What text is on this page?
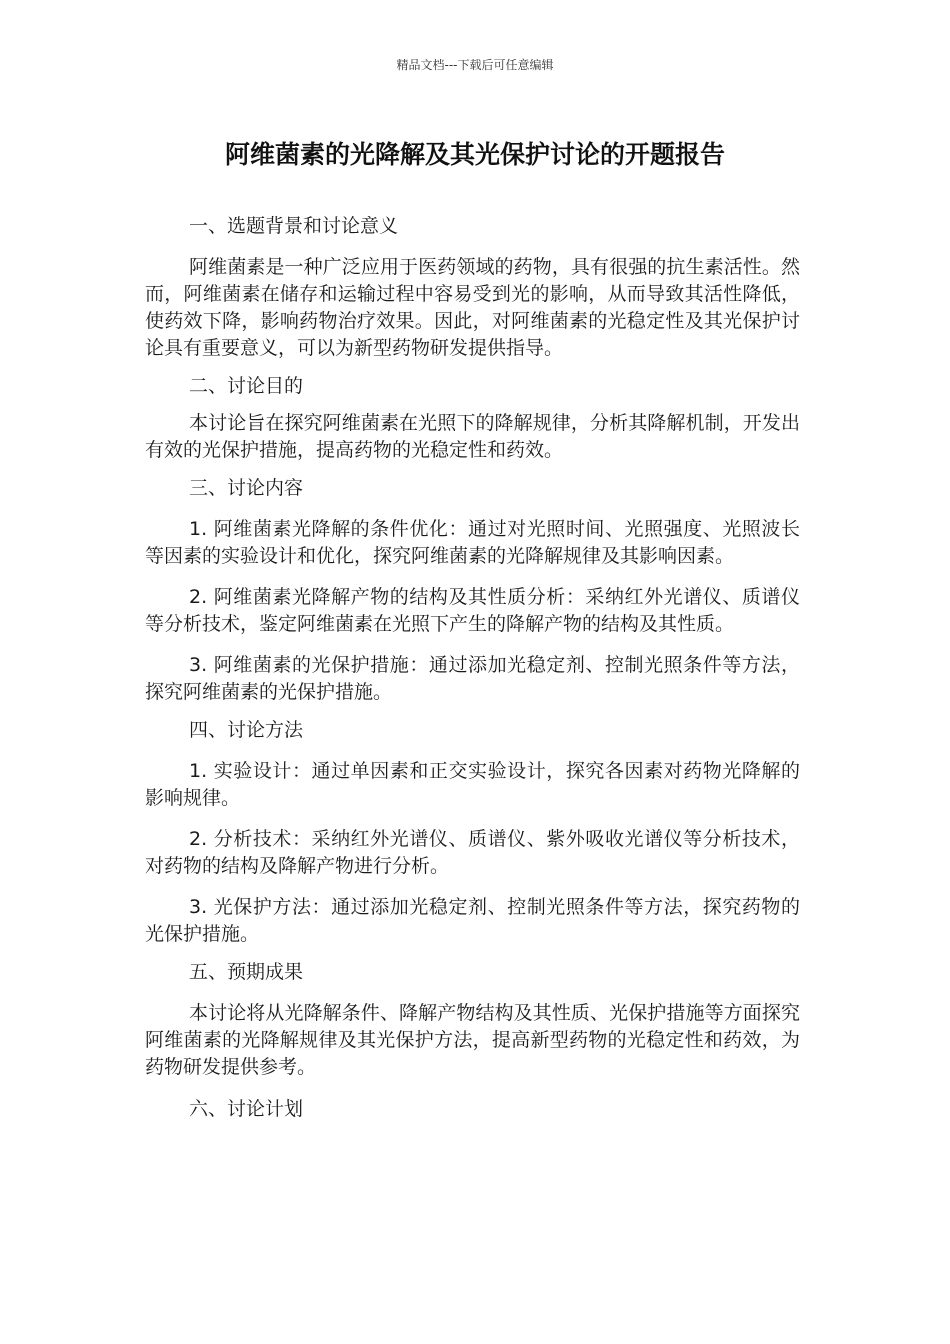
精品文档---下载后可任意编辑
阿维菌素的光降解及其光保护讨论的开题报告

一、选题背景和讨论意义

阿维菌素是一种广泛应用于医药领域的药物，具有很强的抗生素活性。然而，阿维菌素在储存和运输过程中容易受到光的影响，从而导致其活性降低，使药效下降，影响药物治疗效果。因此，对阿维菌素的光稳定性及其光保护讨论具有重要意义，可以为新型药物研发提供指导。

二、讨论目的

本讨论旨在探究阿维菌素在光照下的降解规律，分析其降解机制，开发出有效的光保护措施，提高药物的光稳定性和药效。

三、讨论内容

1. 阿维菌素光降解的条件优化：通过对光照时间、光照强度、光照波长等因素的实验设计和优化，探究阿维菌素的光降解规律及其影响因素。

2. 阿维菌素光降解产物的结构及其性质分析：采纳红外光谱仪、质谱仪等分析技术，鉴定阿维菌素在光照下产生的降解产物的结构及其性质。

3. 阿维菌素的光保护措施：通过添加光稳定剂、控制光照条件等方法，探究阿维菌素的光保护措施。

四、讨论方法

1. 实验设计：通过单因素和正交实验设计，探究各因素对药物光降解的影响规律。

2. 分析技术：采纳红外光谱仪、质谱仪、紫外吸收光谱仪等分析技术，对药物的结构及降解产物进行分析。

3. 光保护方法：通过添加光稳定剂、控制光照条件等方法，探究药物的光保护措施。

五、预期成果

本讨论将从光降解条件、降解产物结构及其性质、光保护措施等方面探究阿维菌素的光降解规律及其光保护方法，提高新型药物的光稳定性和药效，为药物研发提供参考。

六、讨论计划
